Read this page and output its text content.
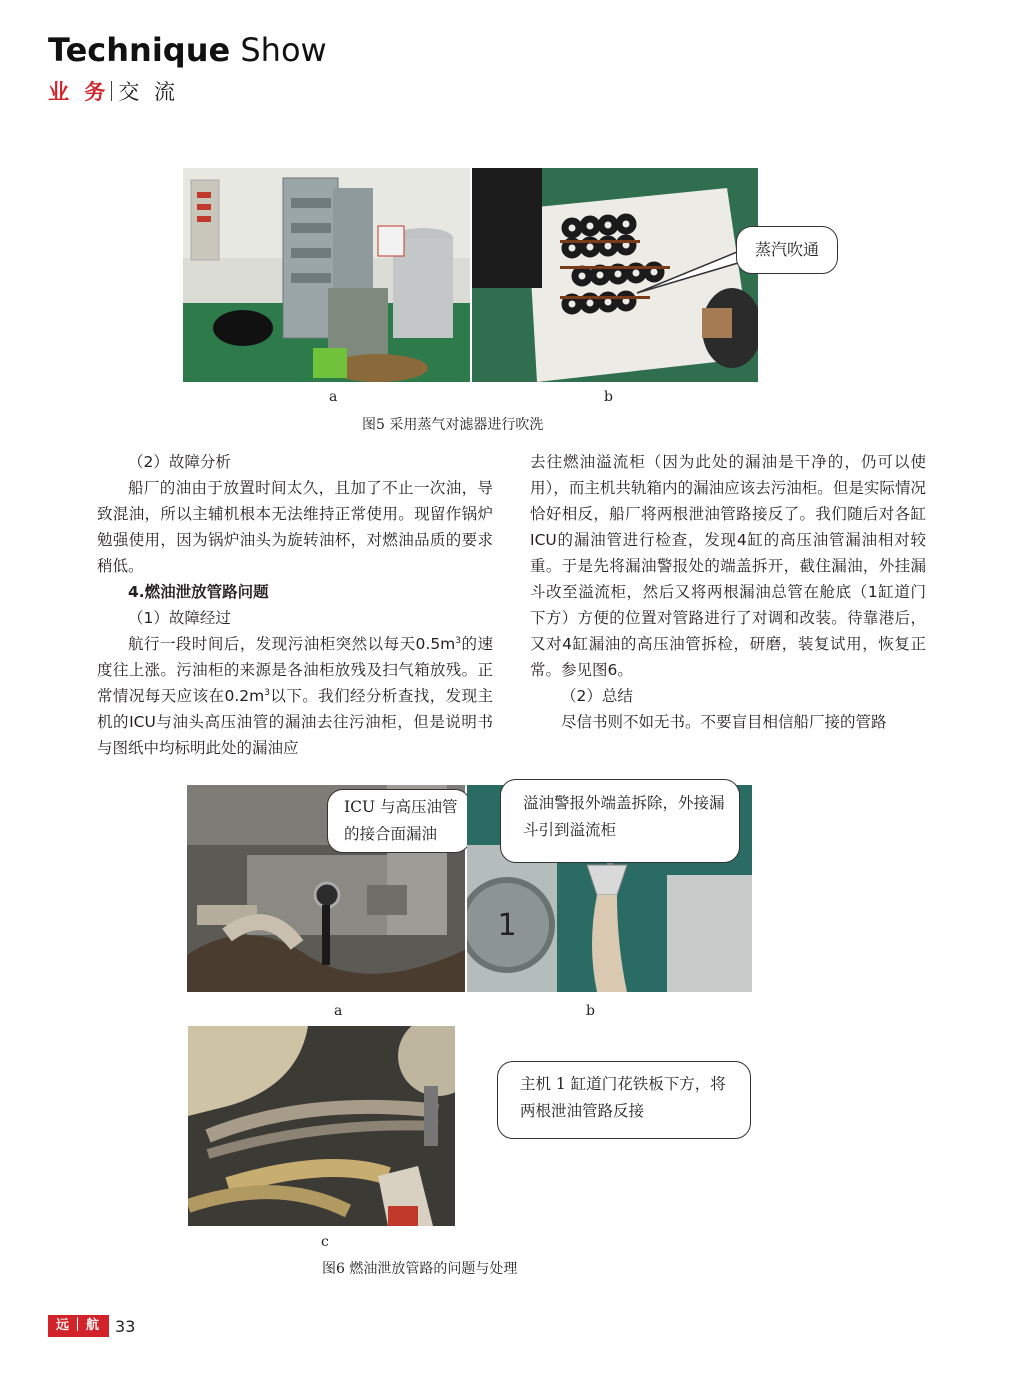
Technique Show
业 务 交 流
蒸汽吹通
a	b
图5 采用蒸气对滤器进行吹洗

（2）故障分析

船厂的油由于放置时间太久，且加了不止一次油，导致混油，所以主辅机根本无法维持正常使用。现留作锅炉勉强使用，因为锅炉油头为旋转油杯，对燃油品质的要求稍低。

4.燃油泄放管路问题

（1）故障经过

航行一段时间后，发现污油柜突然以每天$0.5m^3$的速度往上涨。污油柜的来源是各油柜放残及扫气箱放残。正常情况每天应该在$0.2m^3$以下。我们经分析查找，发现主机的ICU与油头高压油管的漏油去往污油柜，但是说明书与图纸中均标明此处的漏油应

去往燃油溢流柜（因为此处的漏油是干净的，仍可以使用），而主机共轨箱内的漏油应该去污油柜。但是实际情况恰好相反，船厂将两根泄油管路接反了。我们随后对各缸ICU的漏油管进行检查，发现4缸的高压油管漏油相对较重。于是先将漏油警报处的端盖拆开，截住漏油，外挂漏斗改至溢流柜，然后又将两根漏油总管在舱底（1缸道门下方）方便的位置对管路进行了对调和改装。待靠港后，又对4缸漏油的高压油管拆检，研磨，装复试用，恢复正常。参见图6。

（2）总结

尽信书则不如无书。不要盲目相信船厂接的管路

ICU 与高压油管的接合面漏油
1
溢油警报外端盖拆除，外接漏斗引到溢流柜
a	b
主机 1 缸道门花铁板下方，将两根泄油管路反接
c
图6 燃油泄放管路的问题与处理
远｜航 33
